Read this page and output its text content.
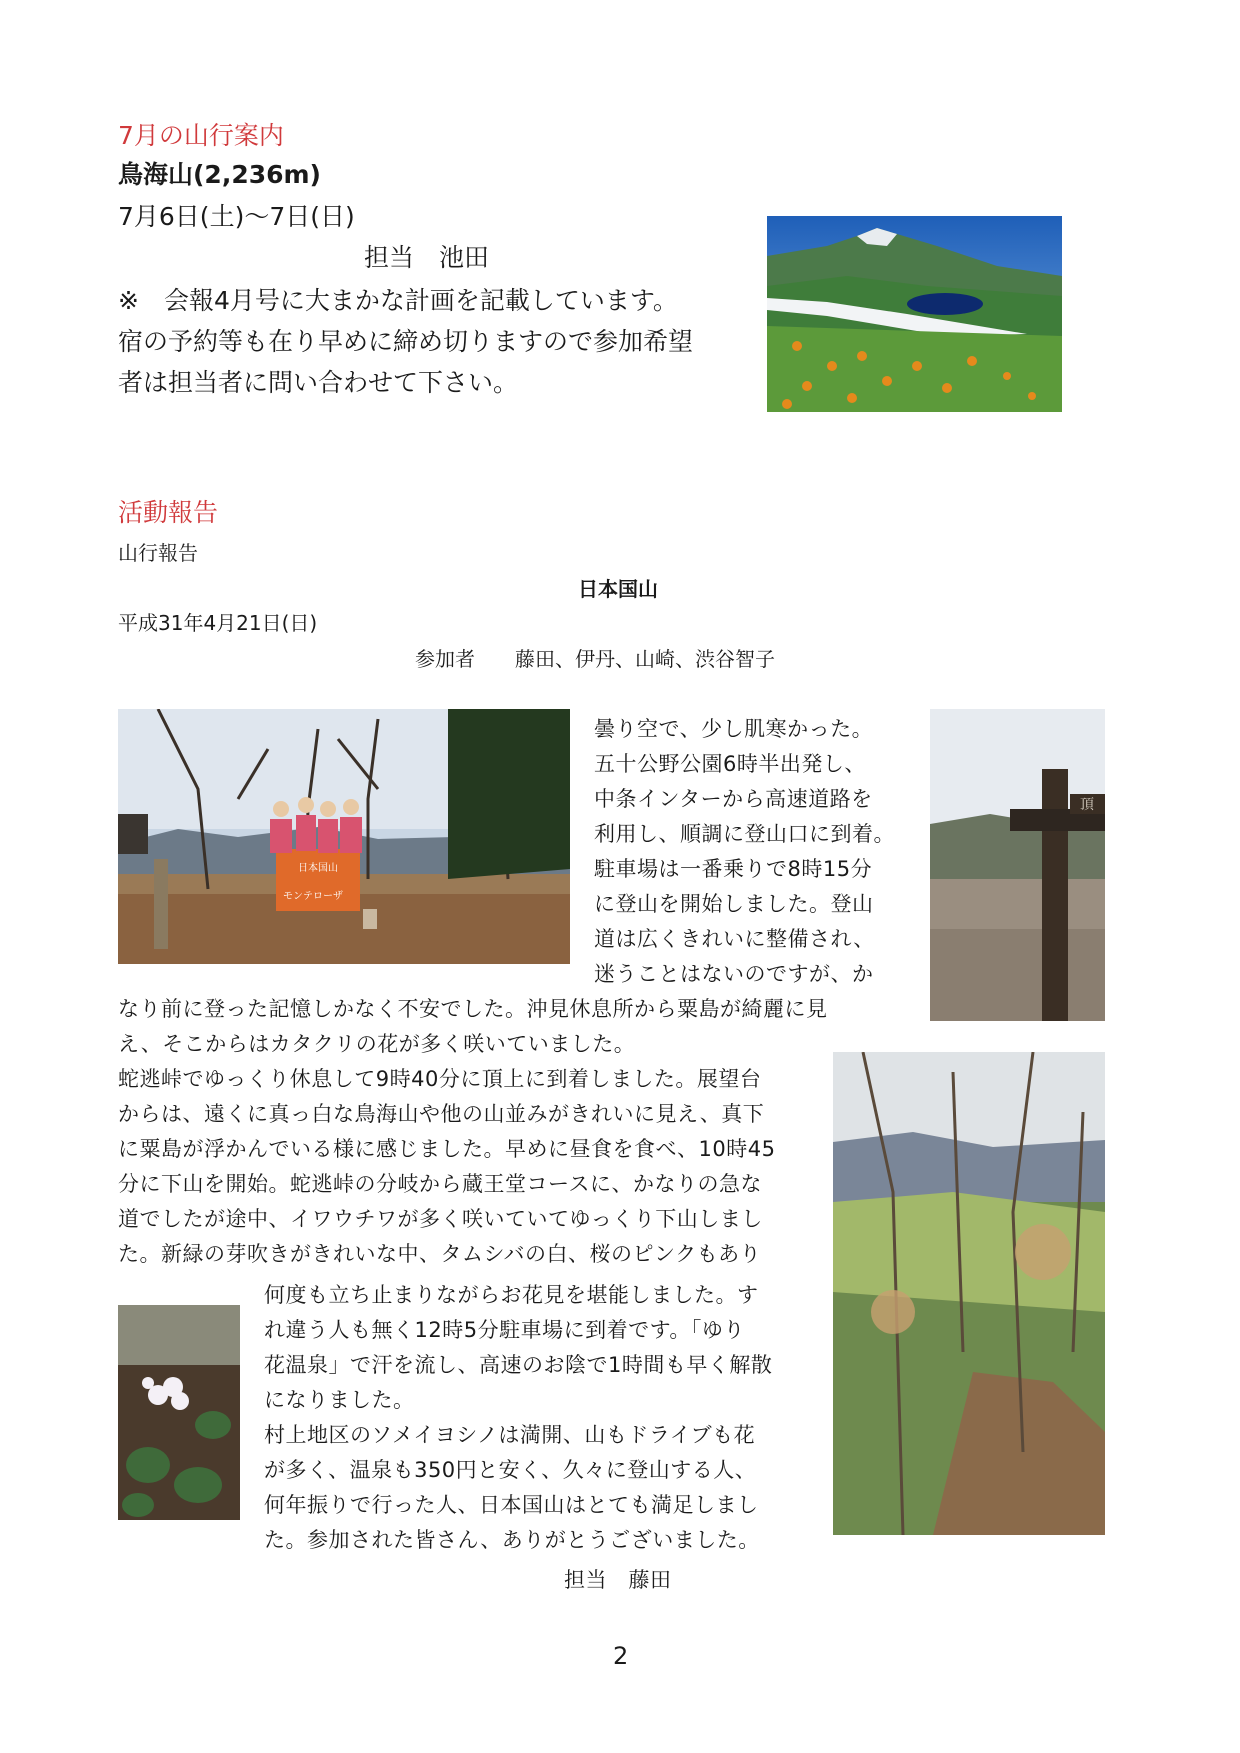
7月の山行案内
鳥海山(2,236m)
7月6日(土)〜7日(日)
担当　池田
※　会報4月号に大まかな計画を記載しています。
宿の予約等も在り早めに締め切りますので参加希望
者は担当者に問い合わせて下さい。
活動報告
山行報告
日本国山
平成31年4月21日(日)
参加者　　藤田、伊丹、山崎、渋谷智子
日本国山
モンテローザ
頂
曇り空で、少し肌寒かった。
五十公野公園6時半出発し、
中条インターから高速道路を
利用し、順調に登山口に到着。
駐車場は一番乗りで8時15分
に登山を開始しました。登山
道は広くきれいに整備され、
迷うことはないのですが、か
なり前に登った記憶しかなく不安でした。沖見休息所から粟島が綺麗に見
え、そこからはカタクリの花が多く咲いていました。
蛇逃峠でゆっくり休息して9時40分に頂上に到着しました。展望台
からは、遠くに真っ白な鳥海山や他の山並みがきれいに見え、真下
に粟島が浮かんでいる様に感じました。早めに昼食を食べ、10時45
分に下山を開始。蛇逃峠の分岐から蔵王堂コースに、かなりの急な
道でしたが途中、イワウチワが多く咲いていてゆっくり下山しまし
た。新緑の芽吹きがきれいな中、タムシバの白、桜のピンクもあり
何度も立ち止まりながらお花見を堪能しました。す
れ違う人も無く12時5分駐車場に到着です。「ゆり
花温泉」で汗を流し、高速のお陰で1時間も早く解散
になりました。
村上地区のソメイヨシノは満開、山もドライブも花
が多く、温泉も350円と安く、久々に登山する人、
何年振りで行った人、日本国山はとても満足しまし
た。参加された皆さん、ありがとうございました。
担当　藤田
2
